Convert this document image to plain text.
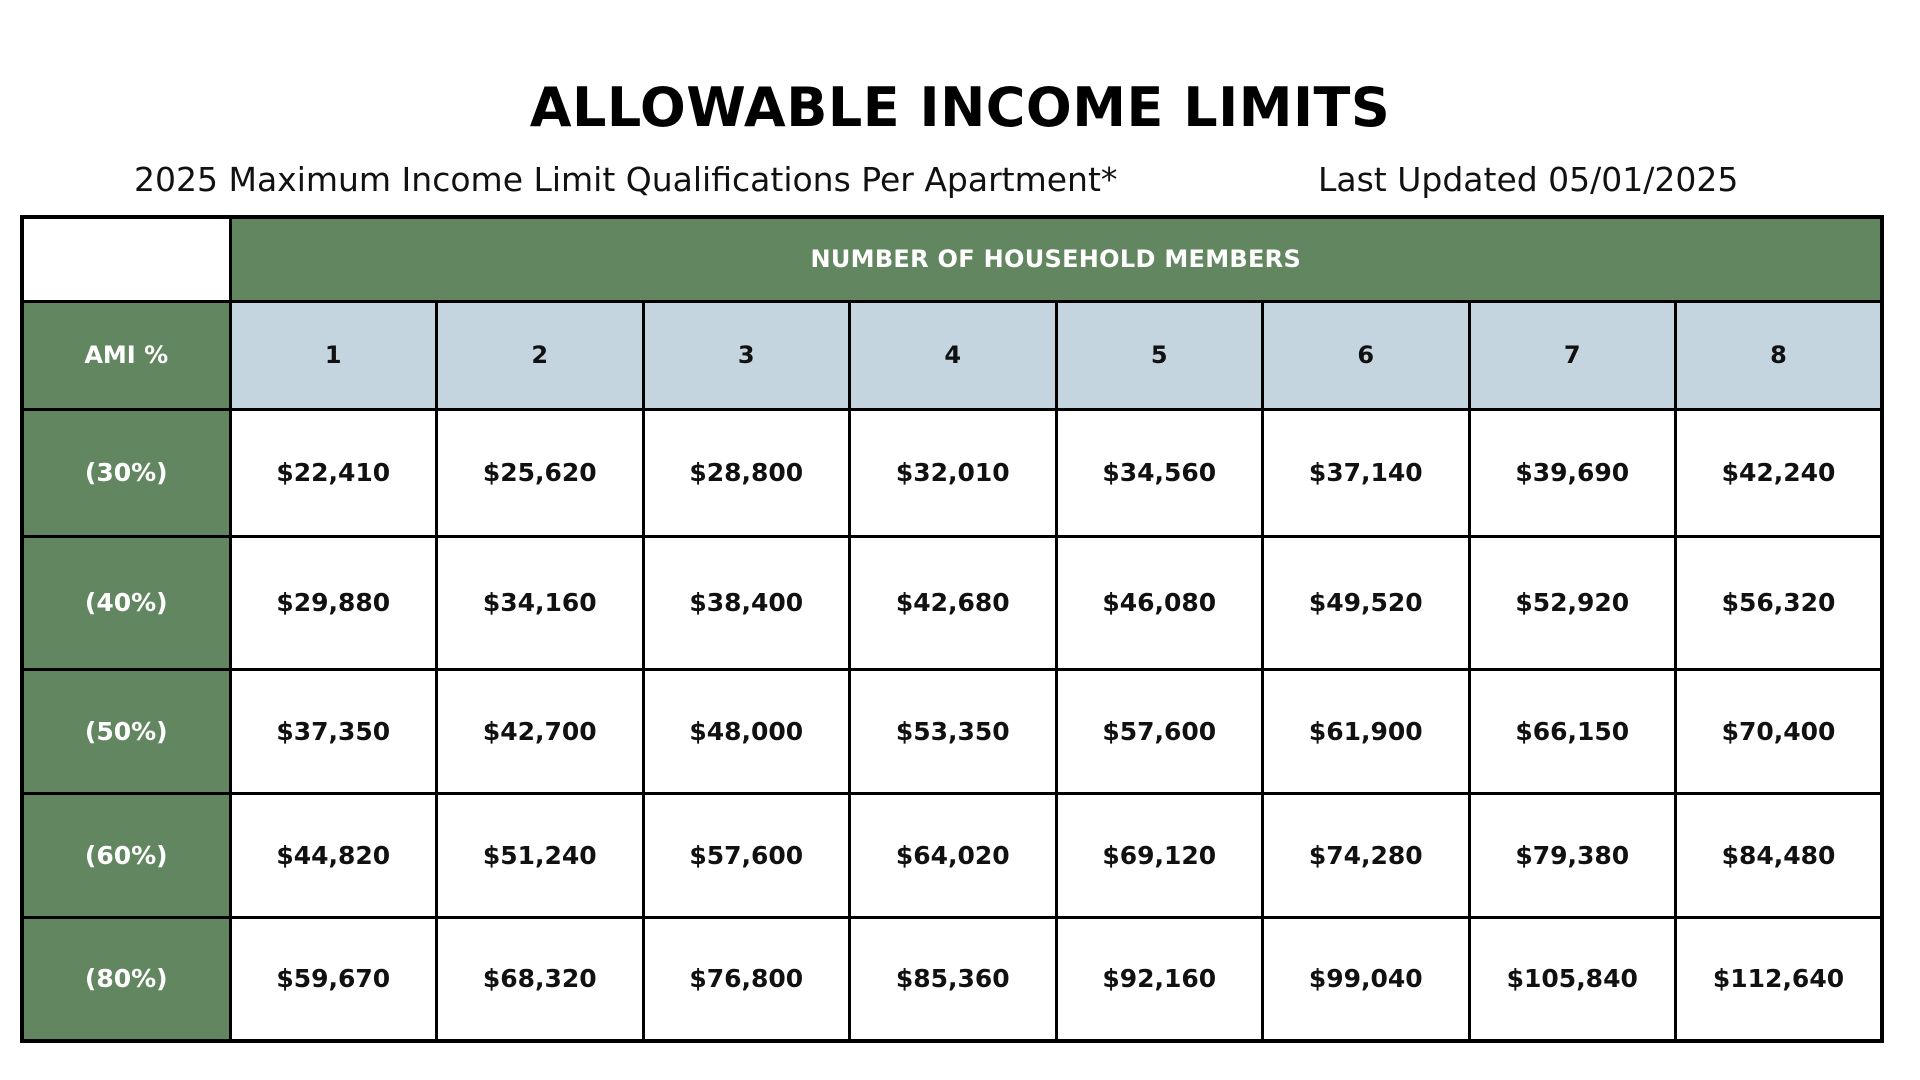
ALLOWABLE INCOME LIMITS
2025 Maximum Income Limit Qualifications Per Apartment*	Last Updated 05/01/2025
	NUMBER OF HOUSEHOLD MEMBERS							
AMI %	1	2	3	4	5	6	7	8
(30%)	$22,410	$25,620	$28,800	$32,010	$34,560	$37,140	$39,690	$42,240
(40%)	$29,880	$34,160	$38,400	$42,680	$46,080	$49,520	$52,920	$56,320
(50%)	$37,350	$42,700	$48,000	$53,350	$57,600	$61,900	$66,150	$70,400
(60%)	$44,820	$51,240	$57,600	$64,020	$69,120	$74,280	$79,380	$84,480
(80%)	$59,670	$68,320	$76,800	$85,360	$92,160	$99,040	$105,840	$112,640
